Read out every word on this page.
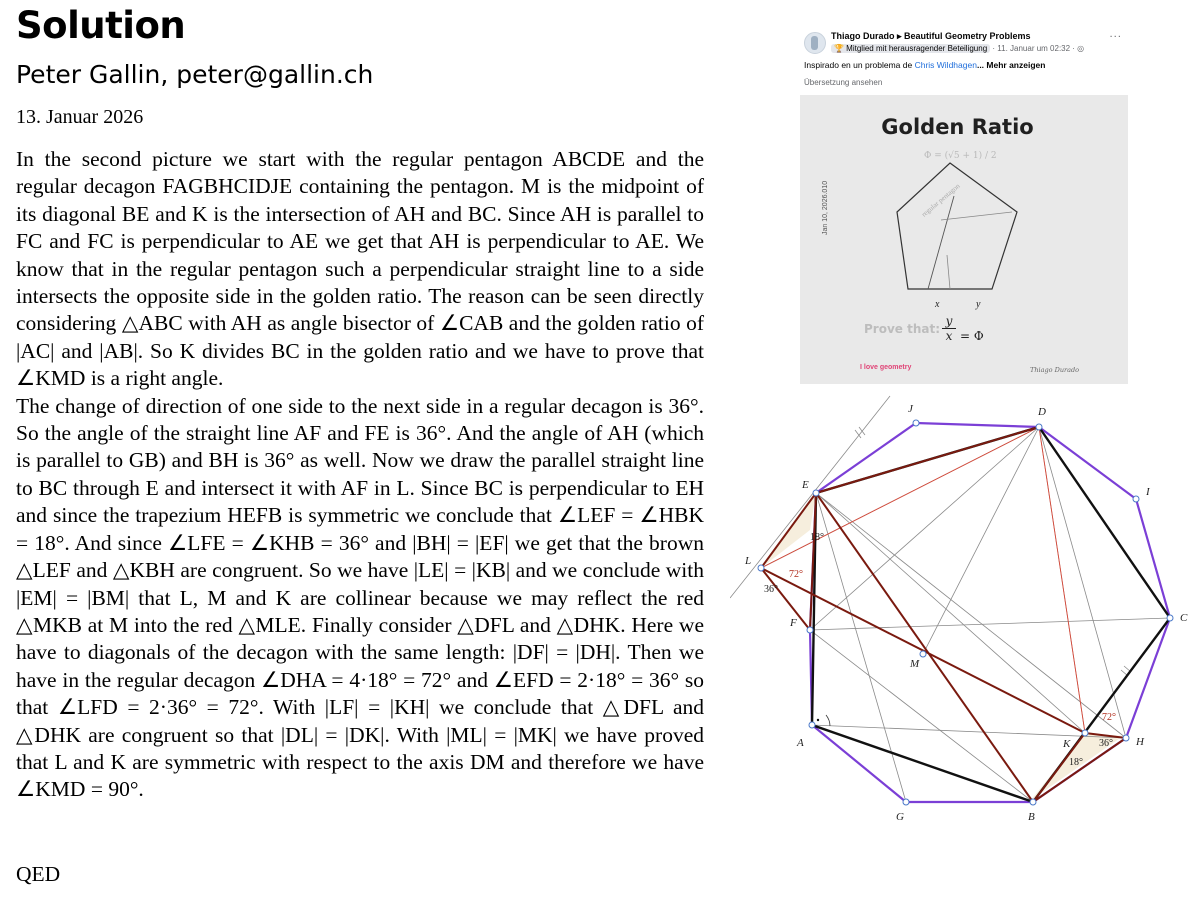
Solution
Peter Gallin, peter@gallin.ch
13. Januar 2026

In the second picture we start with the regular pentagon ABCDE and the regular decagon FAGBHCIDJE containing the pentagon. M is the midpoint of its diagonal BE and K is the intersection of AH and BC. Since AH is parallel to FC and FC is perpendicular to AE we get that AH is perpendicular to AE. We know that in the regular pentagon such a perpendicular straight line to a side intersects the opposite side in the golden ratio. The reason can be seen directly considering △ABC with AH as angle bisector of ∠CAB and the golden ratio of |AC| and |AB|. So K divides BC in the golden ratio and we have to prove that ∠KMD is a right angle.

The change of direction of one side to the next side in a regular decagon is 36°. So the angle of the straight line AF and FE is 36°. And the angle of AH (which is parallel to GB) and BH is 36° as well. Now we draw the parallel straight line to BC through E and intersect it with AF in L. Since BC is perpendicular to EH and since the trapezium HEFB is symmetric we conclude that ∠LEF = ∠HBK = 18°. And since ∠LFE = ∠KHB = 36° and |BH| = |EF| we get that the brown △LEF and △KBH are congruent. So we have |LE| = |KB| and we conclude with |EM| = |BM| that L, M and K are collinear because we may reflect the red △MKB at M into the red △MLE. Finally consider △DFL and △DHK. Here we have to diagonals of the decagon with the same length: |DF| = |DH|. Then we have in the regular decagon ∠DHA = 4·18° = 72° and ∠EFD = 2·18° = 36° so that ∠LFD = 2·36° = 72°. With |LF| = |KH| we conclude that △DFL and △DHK are congruent so that |DL| = |DK|. With |ML| = |MK| we have proved that L and K are symmetric with respect to the axis DM and therefore we have ∠KMD = 90°.

QED
Thiago Durado ▸ Beautiful Geometry Problems
🏆 Mitglied mit herausragender Beteiligung · 11. Januar um 02:32 · ◎
···
Inspirado en un problema de Chris Wildhagen... Mehr anzeigen
Übersetzung ansehen
Golden Ratio
Φ = (√5 + 1) / 2
Jan 10, 2026.010	regular pentagon
x	y
Prove that: $\frac{y}{x} = \Phi$
I love geometry	Thiago Durado
D
I
C
H
B
G
A
F
E
J
L
M
K
18°
72°
36°
72°
36°
18°
